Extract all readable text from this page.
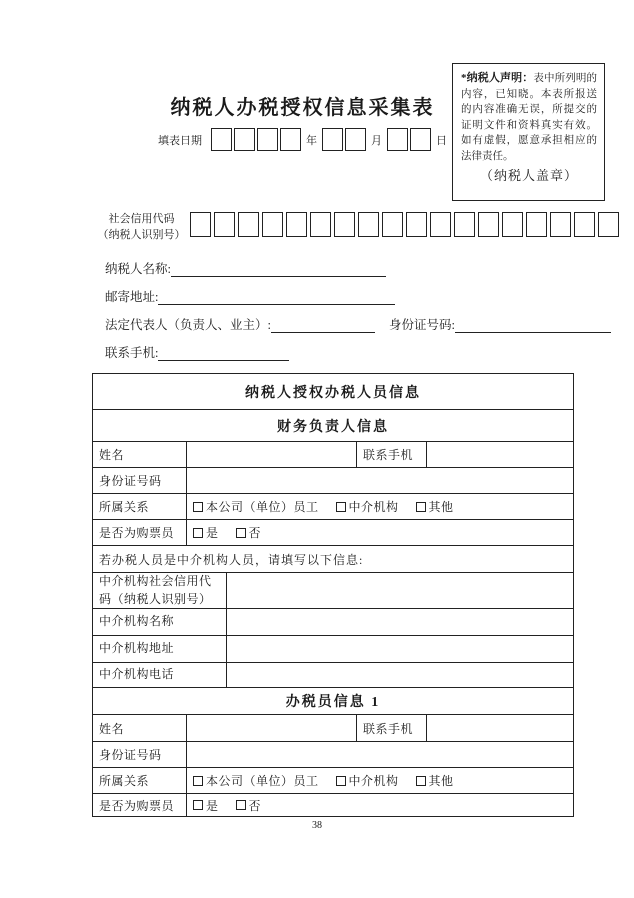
纳税人办税授权信息采集表
填表日期	年	月	日
*纳税人声明：表中所列明的内容，已知晓。本表所报送的内容准确无误，所提交的证明文件和资料真实有效。如有虚假，愿意承担相应的法律责任。
（纳税人盖章）
社会信用代码
（纳税人识别号）
纳税人名称:
邮寄地址:
法定代表人（负责人、业主）:	身份证号码:
联系手机:
纳税人授权办税人员信息
财务负责人信息
姓名	联系手机
身份证号码
所属关系	本公司（单位）员工	中介机构	其他
是否为购票员	是	否
若办税人员是中介机构人员，请填写以下信息:
中介机构社会信用代码（纳税人识别号）
中介机构名称
中介机构地址
中介机构电话
办税员信息 1
姓名	联系手机
身份证号码
所属关系	本公司（单位）员工	中介机构	其他
是否为购票员	是	否
38
